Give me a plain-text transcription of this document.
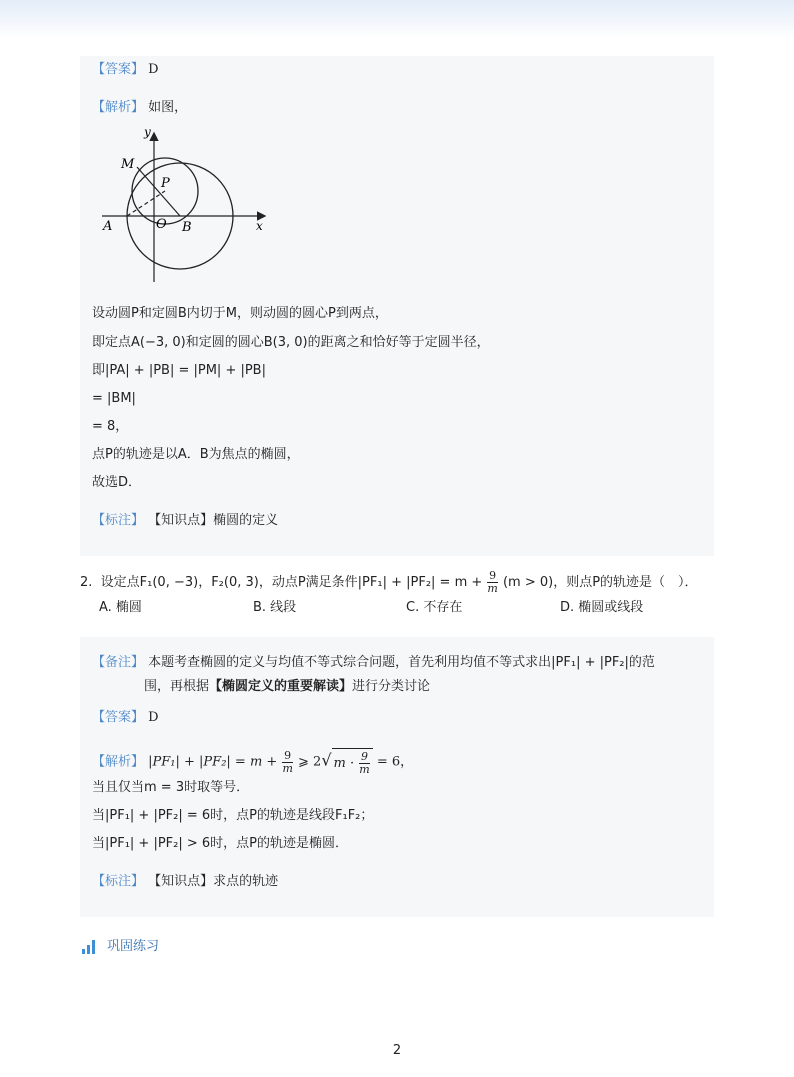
【答案】 D
【解析】 如图，
y
x
M
P
A	O B
设动圆P和定圆B内切于M，则动圆的圆心P到两点，
即定点A(−3, 0)和定圆的圆心B(3, 0)的距离之和恰好等于定圆半径，
即|PA| + |PB| = |PM| + |PB|
= |BM|
= 8，
点P的轨迹是以A．B为焦点的椭圆，
故选D．
【标注】 【知识点】椭圆的定义
2. 设定点F₁(0, −3)，F₂(0, 3)，动点P满足条件$|PF_1| + |PF_2| = m + \frac{9}{m} (m > 0)$，则点P的轨迹是（　）．
A. 椭圆	B. 线段	C. 不存在	D. 椭圆或线段
【备注】 本题考查椭圆的定义与均值不等式综合问题，首先利用均值不等式求出|PF₁| + |PF₂|的范
围，再根据【椭圆定义的重要解读】进行分类讨论
【答案】 D
【解析】 $|PF_1| + |PF_2| = m + \frac{9}{m}$ ⩾ 2√ $m \cdot \frac{9}{m} = 6$，
当且仅当m = 3时取等号．
当|PF₁| + |PF₂| = 6时，点P的轨迹是线段F₁F₂；
当|PF₁| + |PF₂| > 6时，点P的轨迹是椭圆．
【标注】 【知识点】求点的轨迹
巩固练习
2
